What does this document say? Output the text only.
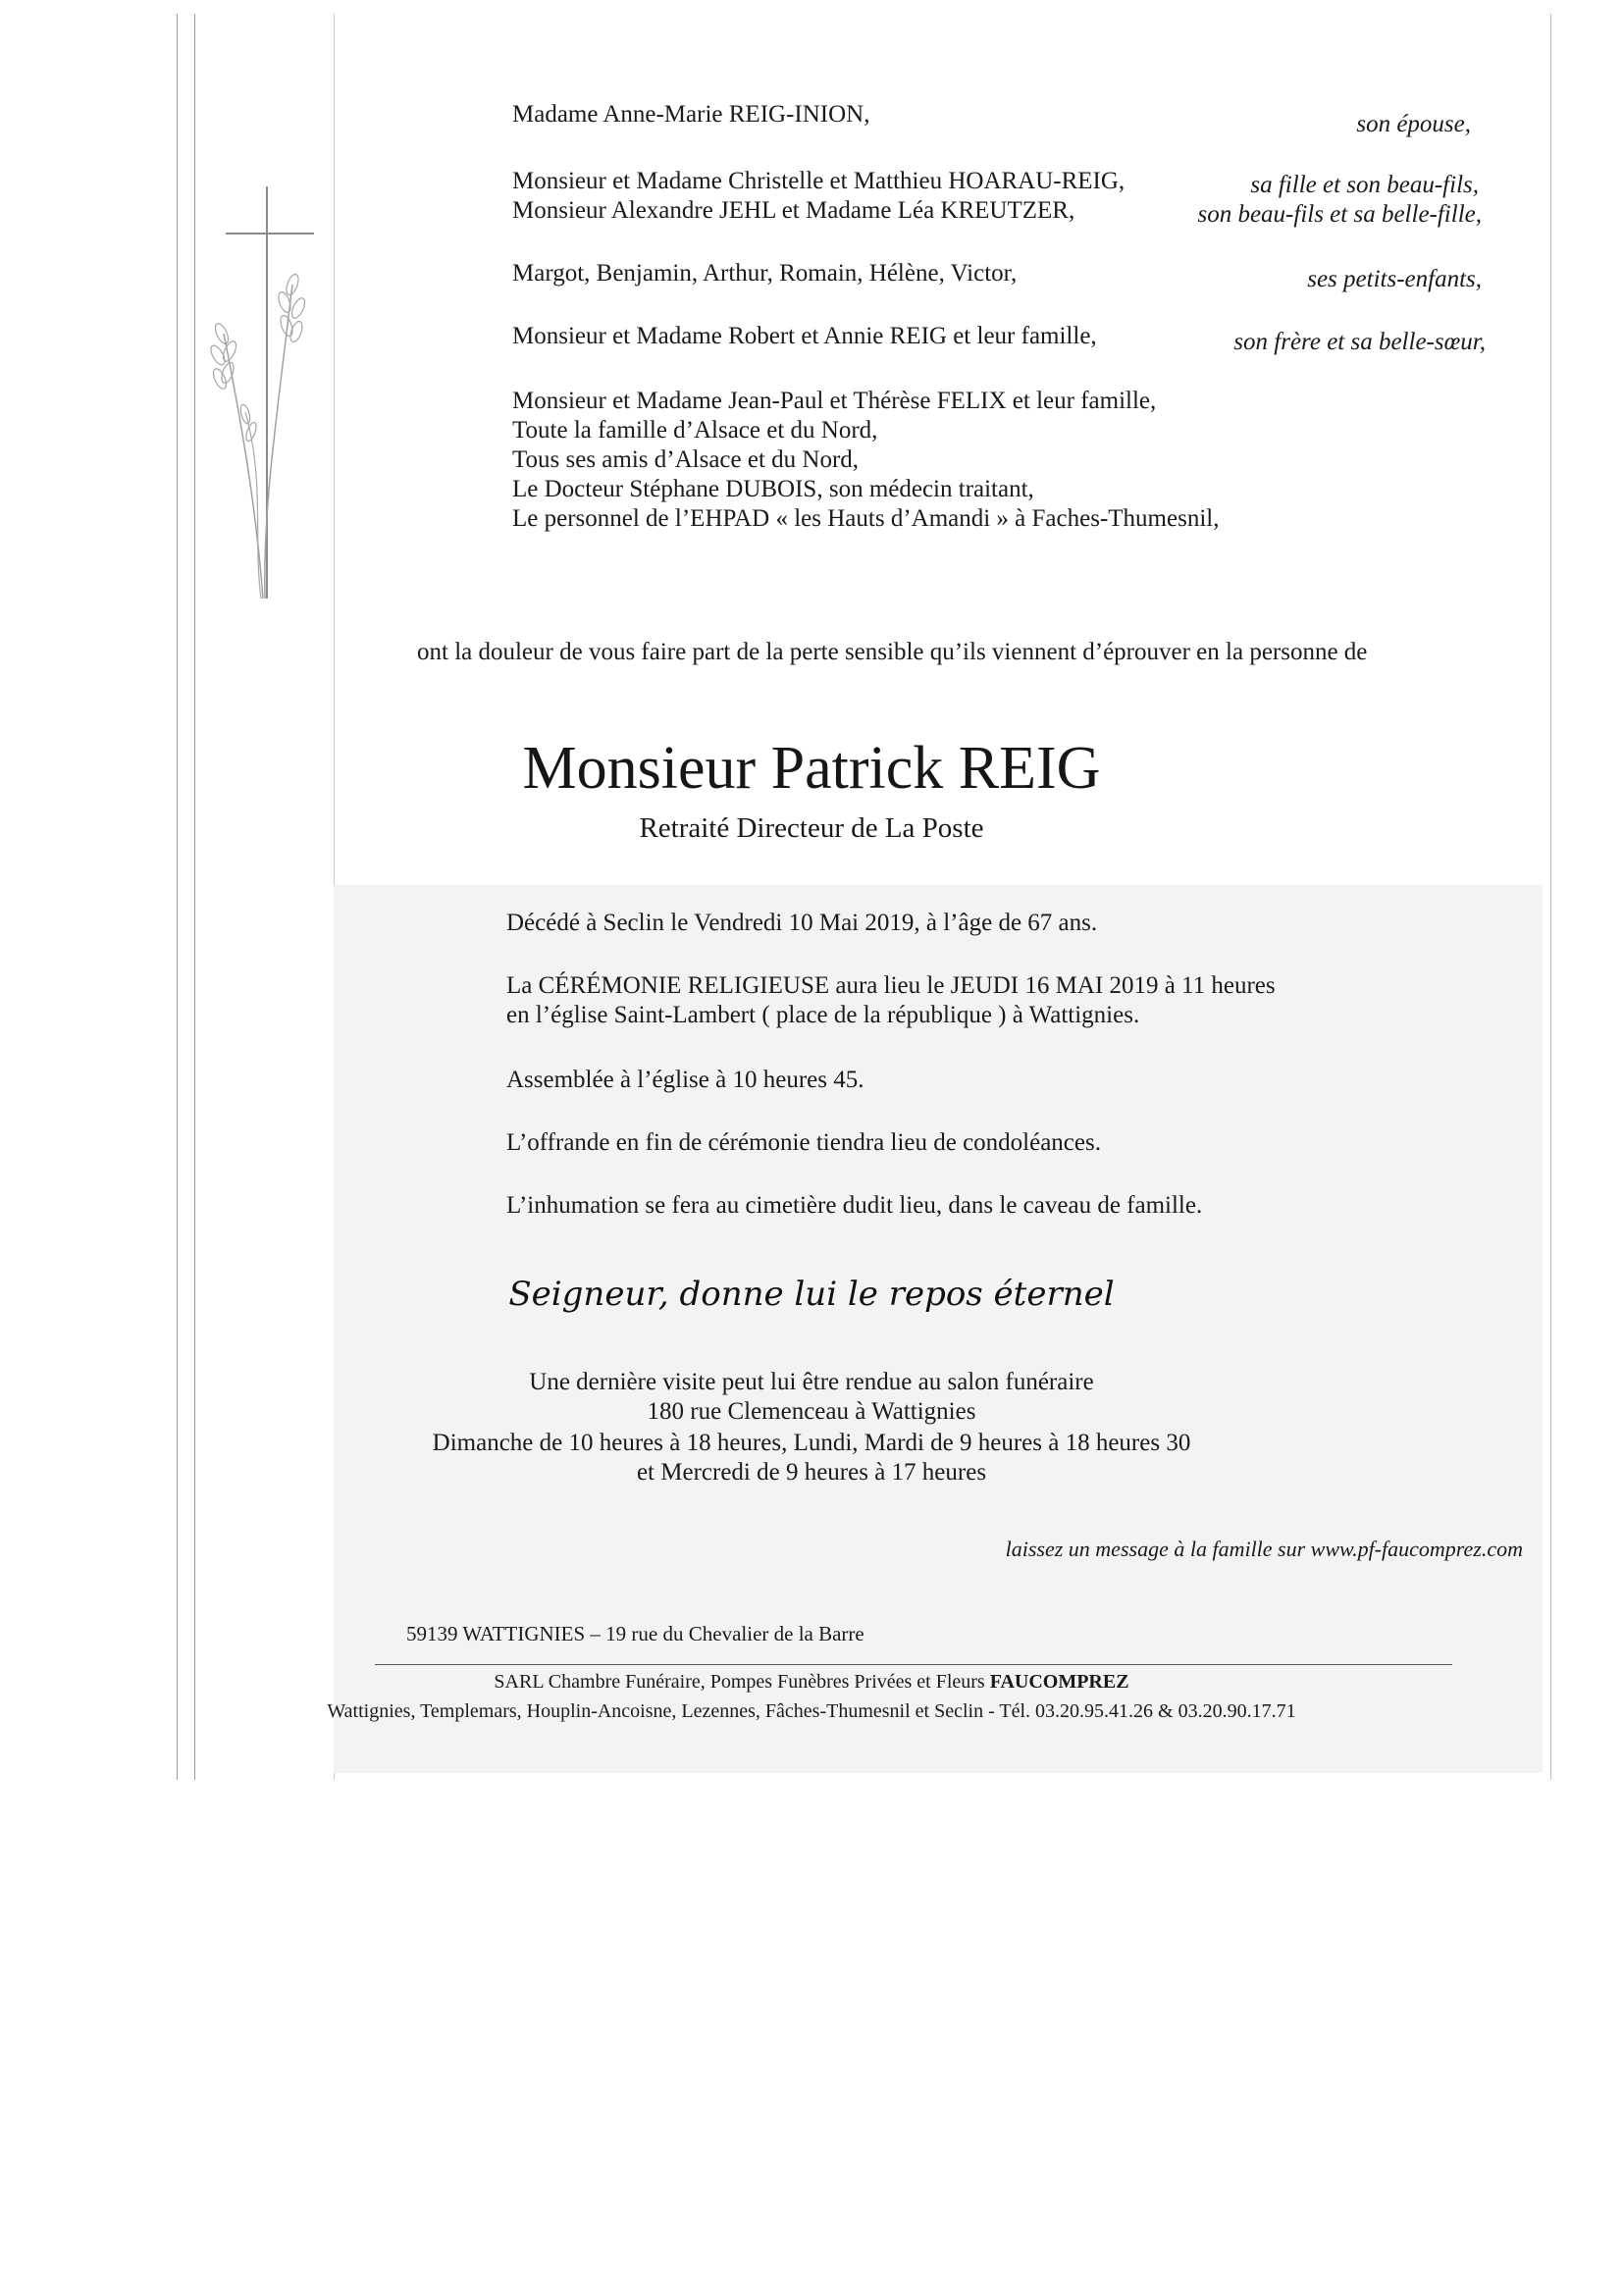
Madame Anne-Marie REIG-INION,	son épouse,
Monsieur et Madame Christelle et Matthieu HOARAU-REIG,	sa fille et son beau-fils,
Monsieur Alexandre JEHL et Madame Léa KREUTZER,	son beau-fils et sa belle-fille,
Margot, Benjamin, Arthur, Romain, Hélène, Victor,	ses petits-enfants,
Monsieur et Madame Robert et Annie REIG et leur famille,	son frère et sa belle-sœur,
Monsieur et Madame Jean-Paul et Thérèse FELIX et leur famille,
Toute la famille d’Alsace et du Nord,
Tous ses amis d’Alsace et du Nord,
Le Docteur Stéphane DUBOIS, son médecin traitant,
Le personnel de l’EHPAD « les Hauts d’Amandi » à Faches-Thumesnil,
ont la douleur de vous faire part de la perte sensible qu’ils viennent d’éprouver en la personne de
Monsieur Patrick REIG
Retraité Directeur de La Poste
Décédé à Seclin le Vendredi 10 Mai 2019, à l’âge de 67 ans.
La CÉRÉMONIE RELIGIEUSE aura lieu le JEUDI 16 MAI 2019 à 11 heures
en l’église Saint-Lambert ( place de la république ) à Wattignies.
Assemblée à l’église à 10 heures 45.
L’offrande en fin de cérémonie tiendra lieu de condoléances.
L’inhumation se fera au cimetière dudit lieu, dans le caveau de famille.
Seigneur, donne lui le repos éternel
Une dernière visite peut lui être rendue au salon funéraire
180 rue Clemenceau à Wattignies
Dimanche de 10 heures à 18 heures, Lundi, Mardi de 9 heures à 18 heures 30
et Mercredi de 9 heures à 17 heures
laissez un message à la famille sur www.pf-faucomprez.com
59139 WATTIGNIES – 19 rue du Chevalier de la Barre
SARL Chambre Funéraire, Pompes Funèbres Privées et Fleurs FAUCOMPREZ
Wattignies, Templemars, Houplin-Ancoisne, Lezennes, Fâches-Thumesnil et Seclin - Tél. 03.20.95.41.26 & 03.20.90.17.71
